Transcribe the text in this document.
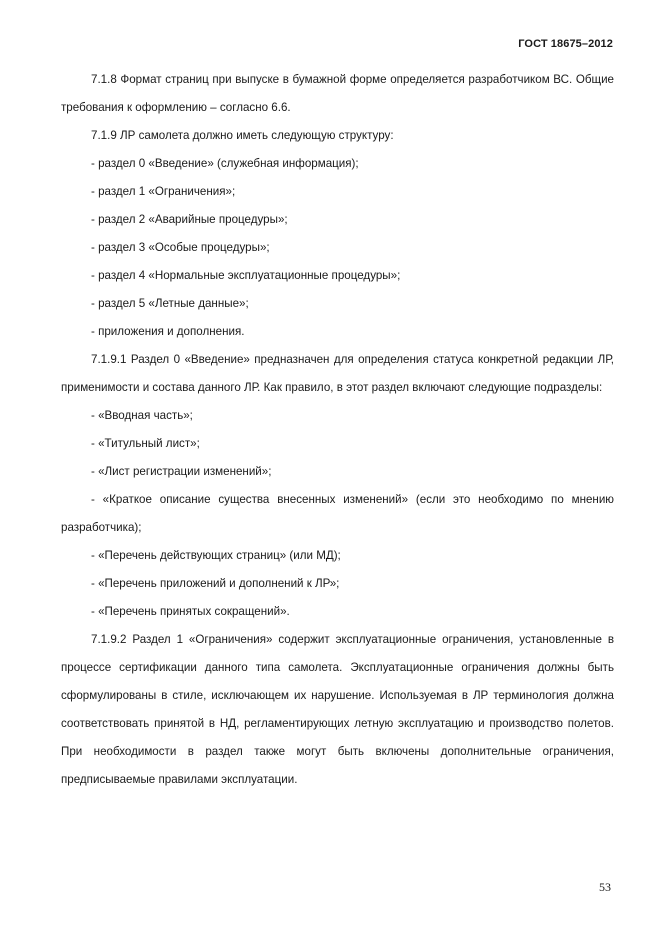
ГОСТ 18675–2012

7.1.8 Формат страниц при выпуске в бумажной форме определяется разработчиком ВС. Общие требования к оформлению – согласно 6.6.

7.1.9 ЛР самолета должно иметь следующую структуру:

- раздел 0 «Введение» (служебная информация);

- раздел 1 «Ограничения»;

- раздел 2 «Аварийные процедуры»;

- раздел 3 «Особые процедуры»;

- раздел 4 «Нормальные эксплуатационные процедуры»;

- раздел 5 «Летные данные»;

- приложения и дополнения.

7.1.9.1 Раздел 0 «Введение» предназначен для определения статуса конкретной редакции ЛР, применимости и состава данного ЛР. Как правило, в этот раздел включают следующие подразделы:

- «Вводная часть»;

- «Титульный лист»;

- «Лист регистрации изменений»;

- «Краткое описание существа внесенных изменений» (если это необходимо по мнению разработчика);

- «Перечень действующих страниц» (или МД);

- «Перечень приложений и дополнений к ЛР»;

- «Перечень принятых сокращений».

7.1.9.2 Раздел 1 «Ограничения» содержит эксплуатационные ограничения, установленные в процессе сертификации данного типа самолета. Эксплуатационные ограничения должны быть сформулированы в стиле, исключающем их нарушение. Используемая в ЛР терминология должна соответствовать принятой в НД, регламентирующих летную эксплуатацию и производство полетов. При необходимости в раздел также могут быть включены дополнительные ограничения, предписываемые правилами эксплуатации.

53
